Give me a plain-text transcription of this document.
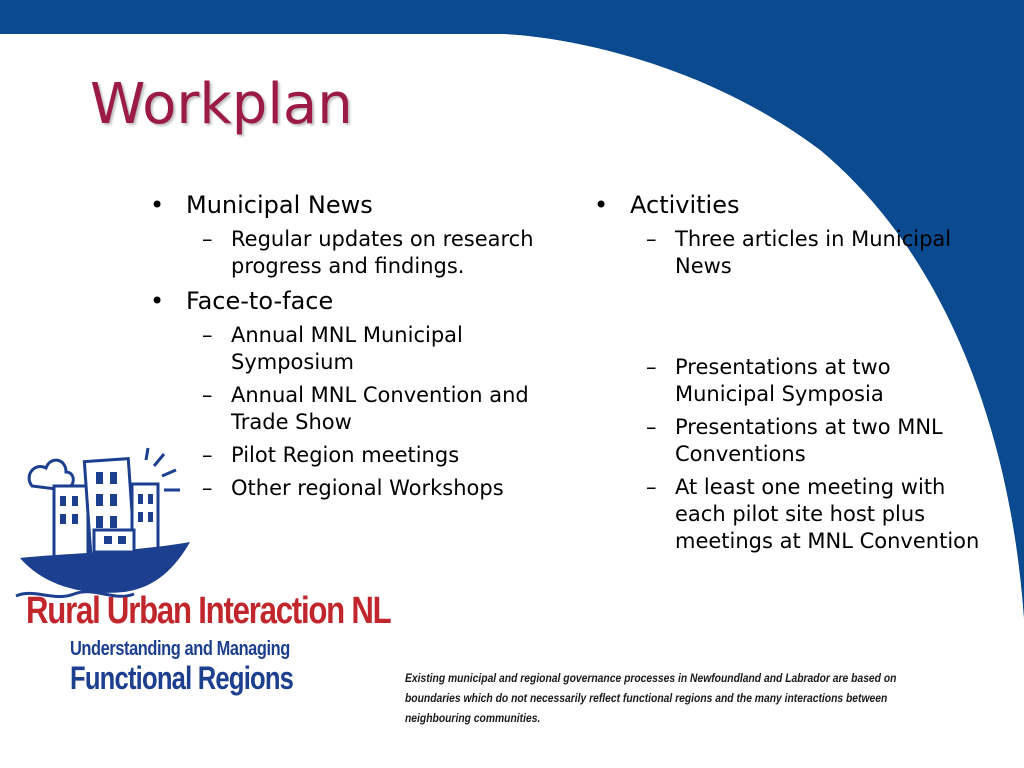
Workplan
• Municipal News
– Regular updates on research progress and findings.
• Face-to-face
– Annual MNL Municipal Symposium
– Annual MNL Convention and Trade Show
– Pilot Region meetings
– Other regional Workshops
• Activities
– Three articles in Municipal News
– Presentations at two Municipal Symposia
– Presentations at two MNL Conventions
– At least one meeting with each pilot site host plus meetings at MNL Convention
Rural Urban Interaction NL
Understanding and Managing
Functional Regions	Existing municipal and regional governance processes in Newfoundland and Labrador are based on boundaries which do not necessarily reflect functional regions and the many interactions between neighbouring communities.
